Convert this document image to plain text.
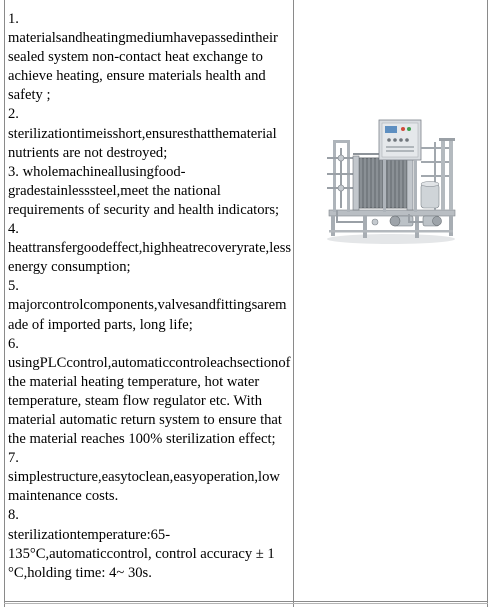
1.

materialsandheatingmediumhavepassedintheir sealed system non-contact heat exchange to achieve heating, ensure materials health and safety ;

2.

sterilizationtimeisshort,ensuresthatthematerial nutrients are not destroyed;

3. wholemachineallusingfood-gradestainlesssteel,meet the national requirements of security and health indicators; 4.

heattransfergoodeffect,highheatrecoveryrate,less energy consumption;

5.

majorcontrolcomponents,valvesandfittingsaremade of imported parts, long life;

6.

usingPLCcontrol,automaticcontroleachsectionofthe material heating temperature, hot water temperature, steam flow regulator etc. With material automatic return system to ensure that the material reaches 100% sterilization effect;

7.

simplestructure,easytoclean,easyoperation,low maintenance costs.

8.

sterilizationtemperature:65-135°C,automaticcontrol, control accuracy ± 1 °C,holding time: 4~ 30s.
